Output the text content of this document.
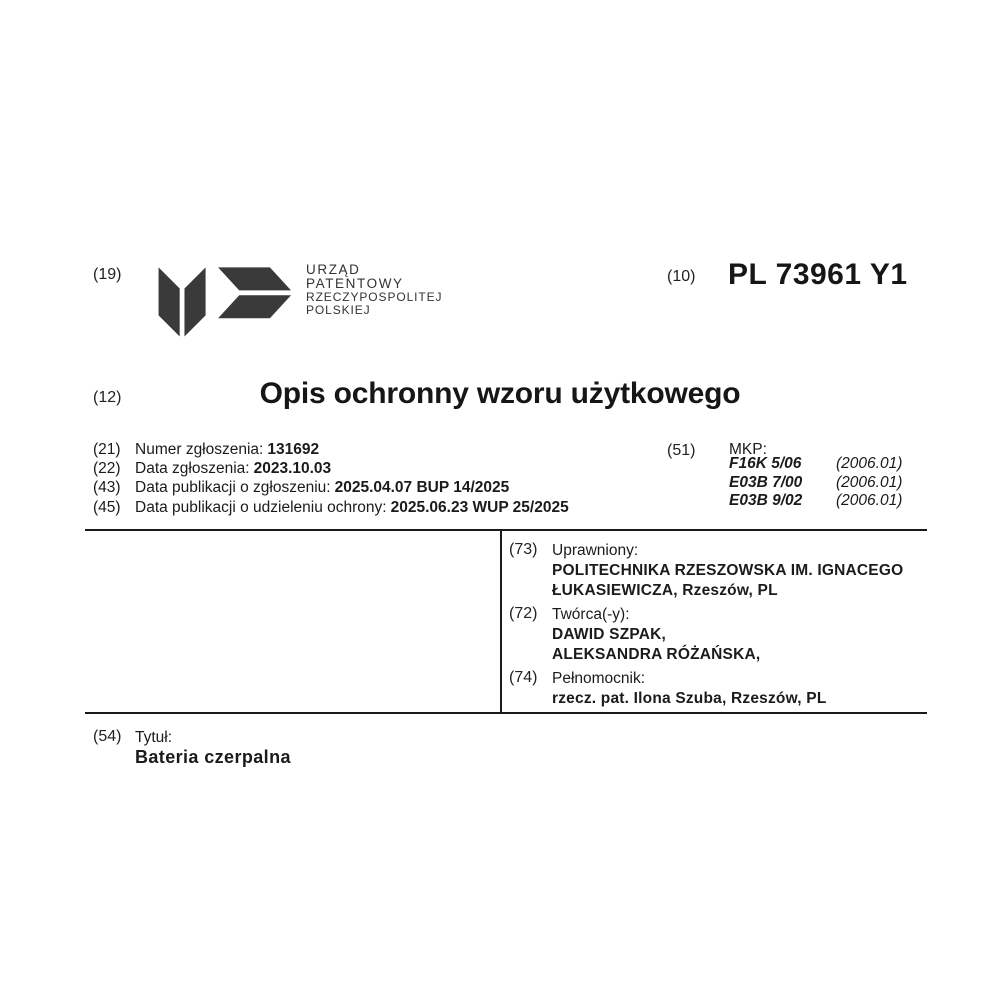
(19)	URZĄD
PATENTOWY
RZECZYPOSPOLITEJ
POLSKIEJ
(10) PL 73961 Y1
(12)	Opis ochronny wzoru użytkowego
(21) Numer zgłoszenia: 131692
(22) Data zgłoszenia: 2023.10.03
(43) Data publikacji o zgłoszeniu: 2025.04.07 BUP 14/2025
(45) Data publikacji o udzieleniu ochrony: 2025.06.23 WUP 25/2025
(51) MKP:
F16K 5/06 (2006.01)
E03B 7/00 (2006.01)
E03B 9/02 (2006.01)
(73) Uprawniony:
POLITECHNIKA RZESZOWSKA IM. IGNACEGO
ŁUKASIEWICZA, Rzeszów, PL
(72) Twórca(-y):
DAWID SZPAK,
ALEKSANDRA RÓŻAŃSKA,
(74) Pełnomocnik:
rzecz. pat. Ilona Szuba, Rzeszów, PL
(54) Tytuł:
Bateria czerpalna
